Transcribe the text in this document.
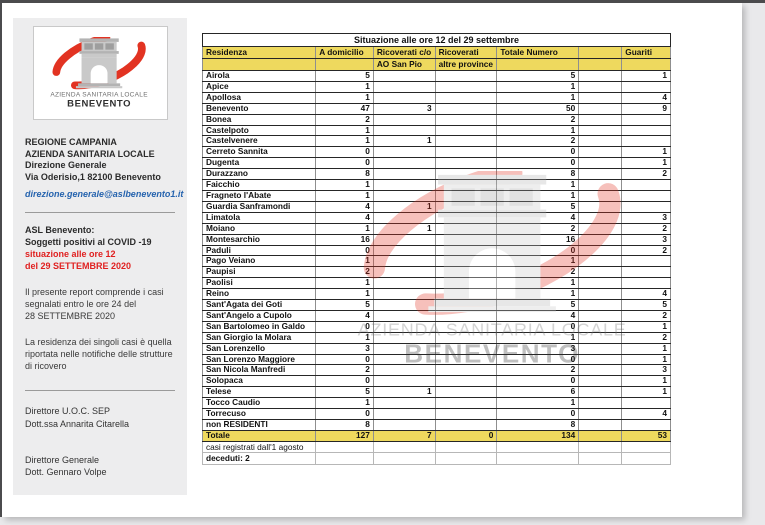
REGIONE CAMPANIA
AZIENDA SANITARIA LOCALE
Direzione Generale
Via Oderisio,1 82100 Benevento
direzione.generale@aslbenevento1.it
ASL Benevento:
Soggetti positivi al COVID -19
situazione alle ore 12
del 29 SETTEMBRE 2020
Il presente report comprende i casi
segnalati entro le ore 24 del
28 SETTEMBRE 2020
La residenza dei singoli casi è quella
riportata nelle notifiche delle strutture
di ricovero
Direttore U.O.C. SEP
Dott.ssa Annarita Citarella
Direttore Generale
Dott. Gennaro Volpe
Situazione alle ore 12 del 29 settembre						
Residenza	A domicilio	Ricoverati c/o	Ricoverati	Totale Numero		Guariti
		AO San Pio	altre province			
Airola	5			5		1
Apice	1			1		
Apollosa	1			1		4
Benevento	47	3		50		9
Bonea	2			2		
Castelpoto	1			1		
Castelvenere	1	1		2		
Cerreto Sannita	0			0		1
Dugenta	0			0		1
Durazzano	8			8		2
Faicchio	1			1		
Fragneto l'Abate	1			1		
Guardia Sanframondi	4	1		5		
Limatola	4			4		3
Moiano	1	1		2		2
Montesarchio	16			16		3
Paduli	0			0		2
Pago Veiano	1			1		
Paupisi	2			2		
Paolisi	1			1		
Reino	1			1		4
Sant'Agata dei Goti	5			5		5
Sant'Angelo a Cupolo	4			4		2
San Bartolomeo in Galdo	0			0		1
San Giorgio la Molara	1			1		2
San Lorenzello	3			3		1
San Lorenzo Maggiore	0			0		1
San Nicola Manfredi	2			2		3
Solopaca	0			0		1
Telese	5	1		6		1
Tocco Caudio	1			1		
Torrecuso	0			0		4
non RESIDENTI	8			8		
Totale	127	7	0	134		53
casi registrati dall'1 agosto						
deceduti: 2						
